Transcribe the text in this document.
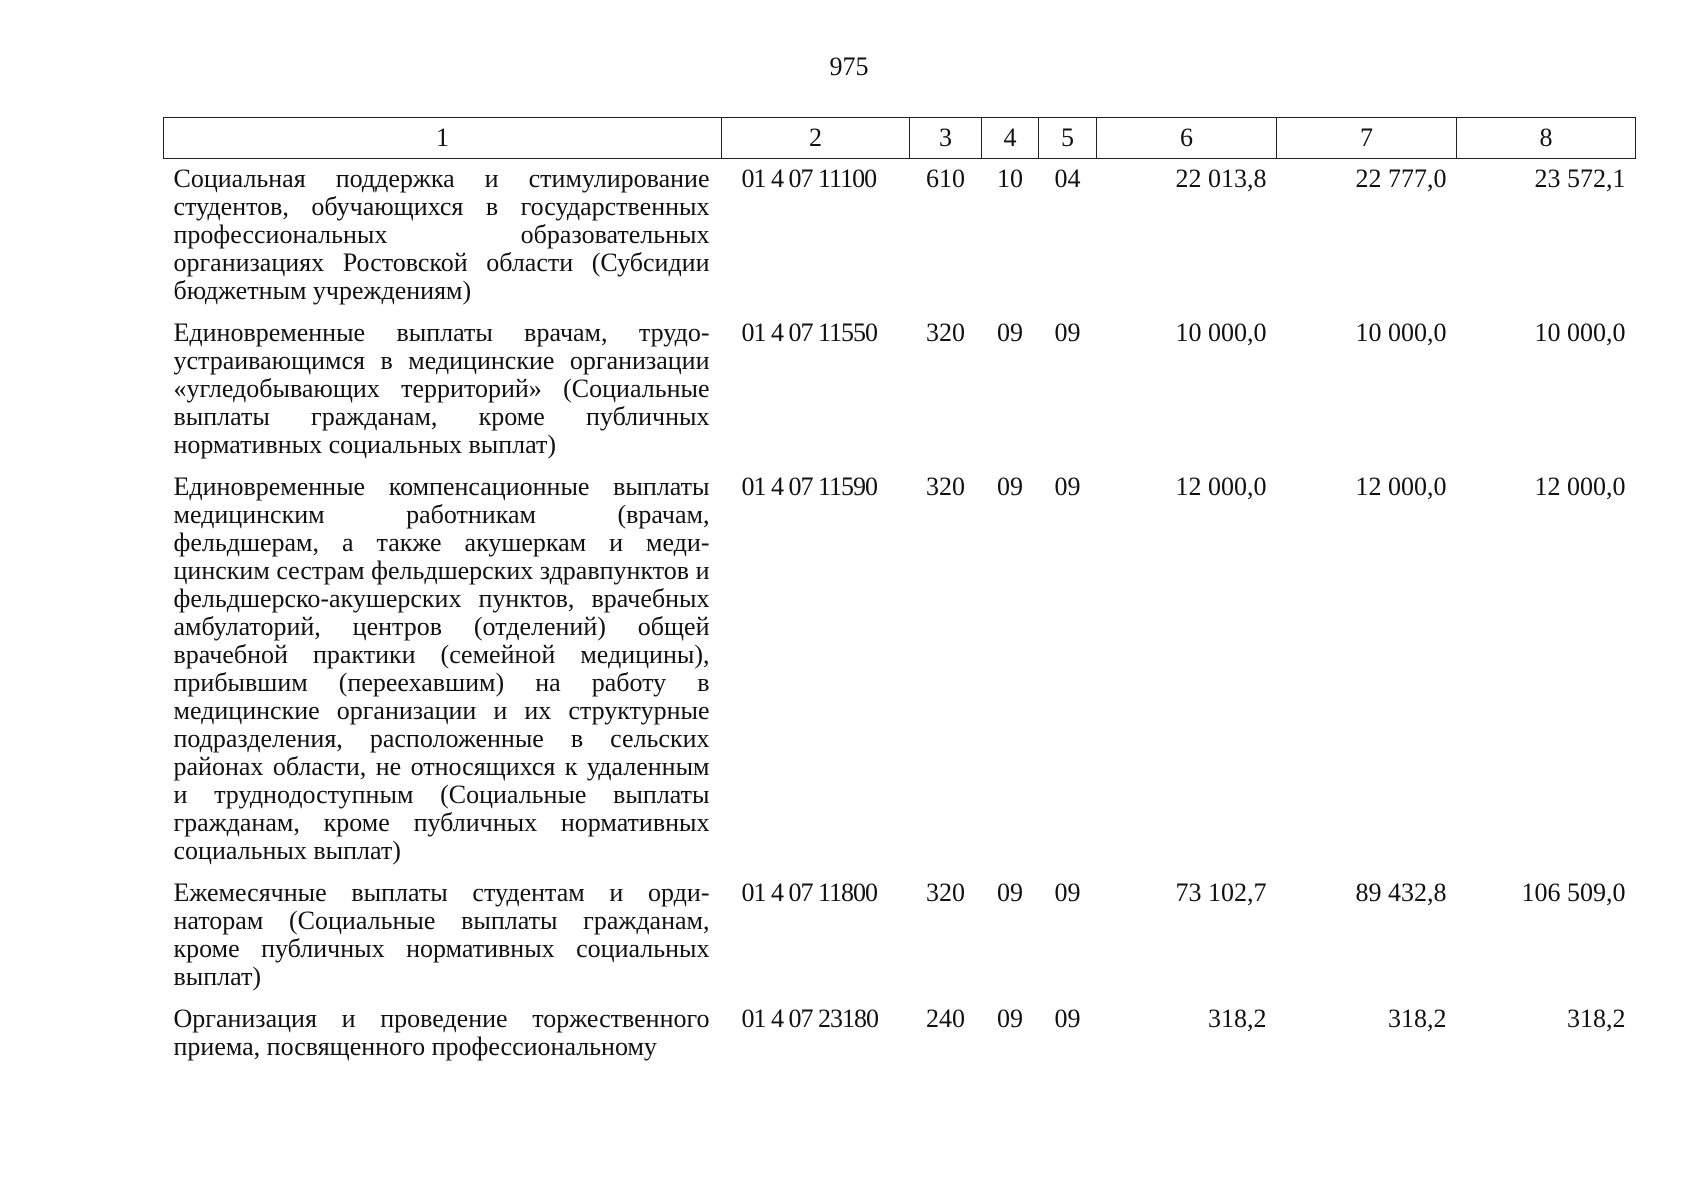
975
1	2	3	4	5	6	7	8
Социальная поддержка и стимулирование студентов, обучающихся в государственных профессиональных образовательных организациях Ростовской области (Субсидии бюджетным учреждениям)	01 4 07 11100	610	10	04	22 013,8	22 777,0	23 572,1
Единовременные выплаты врачам, трудоустраивающимся в медицинские организации «угледобывающих территорий» (Социальные выплаты гражданам, кроме публичных нормативных социальных выплат)	01 4 07 11550	320	09	09	10 000,0	10 000,0	10 000,0
Единовременные компенсационные выплаты медицинским работникам (врачам, фельдшерам, а также акушеркам и медицинским сестрам фельдшерских здравпунктов и фельдшерско-акушерских пунктов, врачебных амбулаторий, центров (отделений) общей врачебной практики (семейной медицины), прибывшим (переехавшим) на работу в медицинские организации и их структурные подразделения, расположенные в сельских районах области, не относящихся к удаленным и труднодоступным (Социальные выплаты гражданам, кроме публичных нормативных социальных выплат)	01 4 07 11590	320	09	09	12 000,0	12 000,0	12 000,0
Ежемесячные выплаты студентам и ординаторам (Социальные выплаты гражданам, кроме публичных нормативных социальных выплат)	01 4 07 11800	320	09	09	73 102,7	89 432,8	106 509,0
Организация и проведение торжественного приема, посвященного профессиональному	01 4 07 23180	240	09	09	318,2	318,2	318,2
